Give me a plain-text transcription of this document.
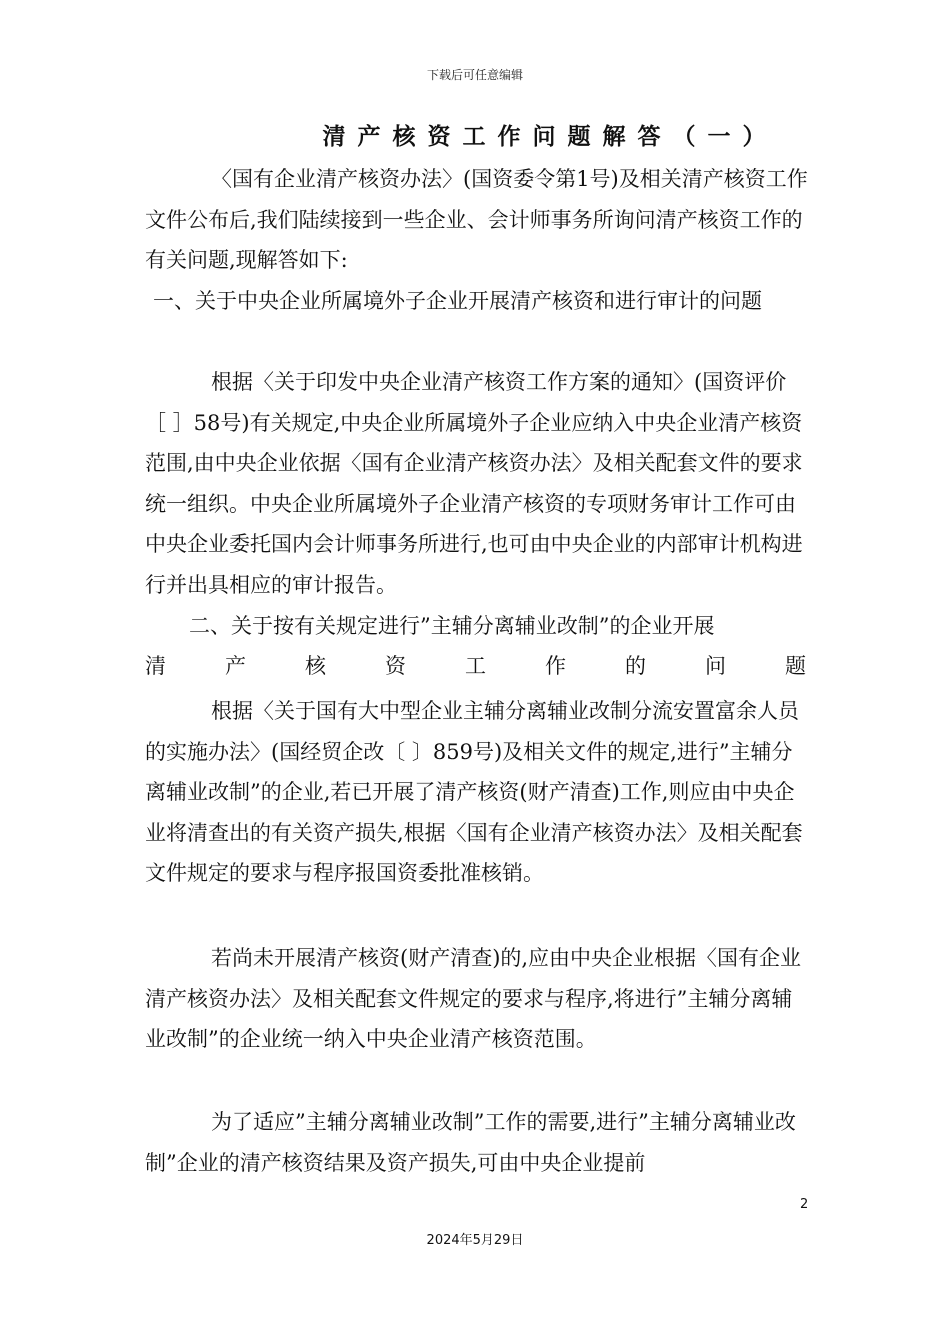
下载后可任意编辑
清产核资工作问题解答（一）

〈国有企业清产核资办法〉(国资委令第1号)及相关清产核资工作文件公布后,我们陆续接到一些企业、会计师事务所询问清产核资工作的有关问题,现解答如下:

一、关于中央企业所属境外子企业开展清产核资和进行审计的问题

根据〈关于印发中央企业清产核资工作方案的通知〉(国资评价 ［ ］58号)有关规定,中央企业所属境外子企业应纳入中央企业清产核资范围,由中央企业依据〈国有企业清产核资办法〉及相关配套文件的要求统一组织。中央企业所属境外子企业清产核资的专项财务审计工作可由中央企业委托国内会计师事务所进行,也可由中央企业的内部审计机构进行并出具相应的审计报告。

二、关于按有关规定进行”主辅分离辅业改制”的企业开展

清产核资工作的问题

根据〈关于国有大中型企业主辅分离辅业改制分流安置富余人员的实施办法〉(国经贸企改〔 〕859号)及相关文件的规定,进行”主辅分离辅业改制”的企业,若已开展了清产核资(财产清查)工作,则应由中央企业将清查出的有关资产损失,根据〈国有企业清产核资办法〉及相关配套文件规定的要求与程序报国资委批准核销。

若尚未开展清产核资(财产清查)的,应由中央企业根据〈国有企业清产核资办法〉及相关配套文件规定的要求与程序,将进行”主辅分离辅业改制”的企业统一纳入中央企业清产核资范围。

为了适应”主辅分离辅业改制”工作的需要,进行”主辅分离辅业改制”企业的清产核资结果及资产损失,可由中央企业提前

2
2024年5月29日
